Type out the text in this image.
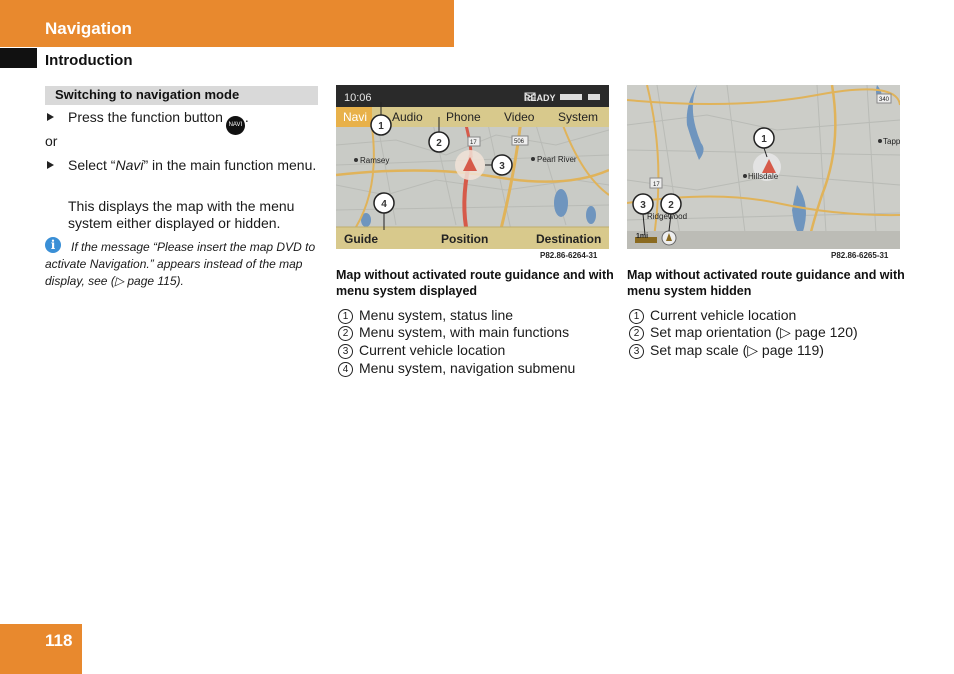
Navigation
Introduction
Switching to navigation mode
Press the function button NAVI .
or
Select “Navi” in the main function menu.
This displays the map with the menu system either displayed or hidden.
If the message “Please insert the map DVD to activate Navigation.” appears instead of the map display, see (▷ page 115).
i
10:06	READY
Navi Audio Phone Video System
Guide	Position	Destination
Ramsey	Pearl River
17	506
1
2
3
4
P82.86-6264-31
Map without activated route guidance and with menu system displayed
1 Menu system, status line
2 Menu system, with main functions
3 Current vehicle location
4 Menu system, navigation submenu
Hillsdale
Tapp
Ridgewood
340
17
1mi
1
2
3
P82.86-6265-31
Map without activated route guidance and with menu system hidden
1 Current vehicle location
2 Set map orientation (▷ page 120)
3 Set map scale (▷ page 119)
118
